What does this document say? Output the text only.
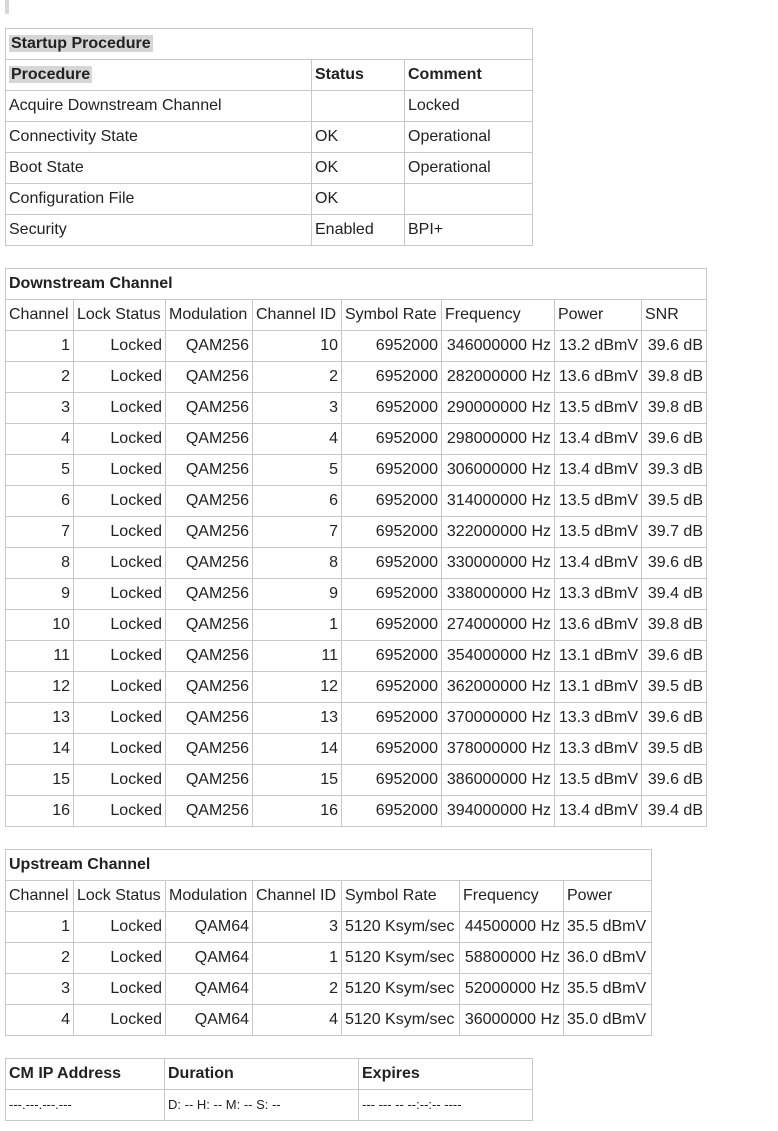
Startup Procedure		
Procedure	Status	Comment
Acquire Downstream Channel		Locked
Connectivity State	OK	Operational
Boot State	OK	Operational
Configuration File	OK	
Security	Enabled	BPI+
Downstream Channel							
Channel	Lock Status	Modulation	Channel ID	Symbol Rate	Frequency	Power	SNR
1	Locked	QAM256	10	6952000	346000000 Hz	13.2 dBmV	39.6 dB
2	Locked	QAM256	2	6952000	282000000 Hz	13.6 dBmV	39.8 dB
3	Locked	QAM256	3	6952000	290000000 Hz	13.5 dBmV	39.8 dB
4	Locked	QAM256	4	6952000	298000000 Hz	13.4 dBmV	39.6 dB
5	Locked	QAM256	5	6952000	306000000 Hz	13.4 dBmV	39.3 dB
6	Locked	QAM256	6	6952000	314000000 Hz	13.5 dBmV	39.5 dB
7	Locked	QAM256	7	6952000	322000000 Hz	13.5 dBmV	39.7 dB
8	Locked	QAM256	8	6952000	330000000 Hz	13.4 dBmV	39.6 dB
9	Locked	QAM256	9	6952000	338000000 Hz	13.3 dBmV	39.4 dB
10	Locked	QAM256	1	6952000	274000000 Hz	13.6 dBmV	39.8 dB
11	Locked	QAM256	11	6952000	354000000 Hz	13.1 dBmV	39.6 dB
12	Locked	QAM256	12	6952000	362000000 Hz	13.1 dBmV	39.5 dB
13	Locked	QAM256	13	6952000	370000000 Hz	13.3 dBmV	39.6 dB
14	Locked	QAM256	14	6952000	378000000 Hz	13.3 dBmV	39.5 dB
15	Locked	QAM256	15	6952000	386000000 Hz	13.5 dBmV	39.6 dB
16	Locked	QAM256	16	6952000	394000000 Hz	13.4 dBmV	39.4 dB
Upstream Channel						
Channel	Lock Status	Modulation	Channel ID	Symbol Rate	Frequency	Power
1	Locked	QAM64	3	5120 Ksym/sec	44500000 Hz	35.5 dBmV
2	Locked	QAM64	1	5120 Ksym/sec	58800000 Hz	36.0 dBmV
3	Locked	QAM64	2	5120 Ksym/sec	52000000 Hz	35.5 dBmV
4	Locked	QAM64	4	5120 Ksym/sec	36000000 Hz	35.0 dBmV
CM IP Address	Duration	Expires
---.---.---.---	D: -- H: -- M: -- S: --	--- --- -- --:--:-- ----
